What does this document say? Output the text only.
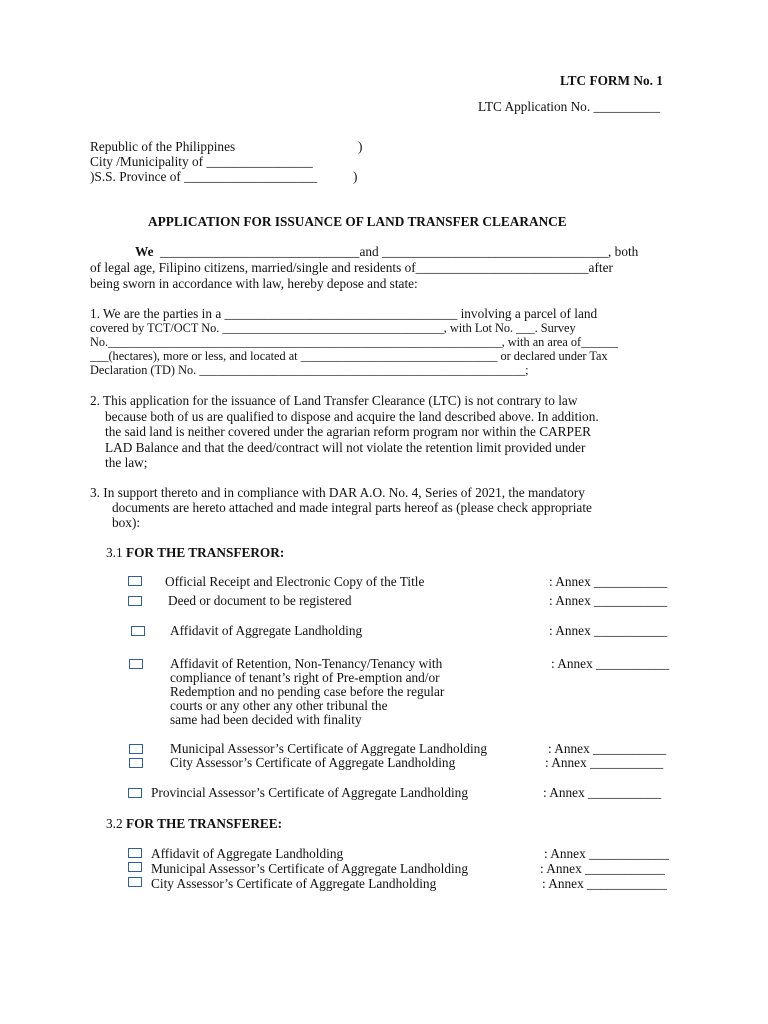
LTC FORM No. 1
LTC Application No. __________
Republic of the Philippines	)
City /Municipality of ________________
)S.S. Province of ____________________	)
APPLICATION FOR ISSUANCE OF LAND TRANSFER CLEARANCE
We ______________________________and __________________________________, both
of legal age, Filipino citizens, married/single and residents of__________________________after
being sworn in accordance with law, hereby depose and state:
1. We are the parties in a ___________________________________ involving a parcel of land
covered by TCT/OCT No. ____________________________________, with Lot No. ___. Survey
No.________________________________________________________________, with an area of______
___(hectares), more or less, and located at ________________________________ or declared under Tax
Declaration (TD) No. _____________________________________________________;
2. This application for the issuance of Land Transfer Clearance (LTC) is not contrary to law
because both of us are qualified to dispose and acquire the land described above. In addition.
the said land is neither covered under the agrarian reform program nor within the CARPER
LAD Balance and that the deed/contract will not violate the retention limit provided under
the law;
3. In support thereto and in compliance with DAR A.O. No. 4, Series of 2021, the mandatory
documents are hereto attached and made integral parts hereof as (please check appropriate
box):
3.1 FOR THE TRANSFEROR:
Official Receipt and Electronic Copy of the Title	: Annex ___________
Deed or document to be registered	: Annex ___________
Affidavit of Aggregate Landholding	: Annex ___________
Affidavit of Retention, Non-Tenancy/Tenancy with	: Annex ___________
compliance of tenant’s right of Pre-emption and/or
Redemption and no pending case before the regular
courts or any other any other tribunal the
same had been decided with finality
Municipal Assessor’s Certificate of Aggregate Landholding	: Annex ___________
City Assessor’s Certificate of Aggregate Landholding	: Annex ___________
Provincial Assessor’s Certificate of Aggregate Landholding	: Annex ___________
3.2 FOR THE TRANSFEREE:
Affidavit of Aggregate Landholding	: Annex ____________
Municipal Assessor’s Certificate of Aggregate Landholding	: Annex ____________
City Assessor’s Certificate of Aggregate Landholding	: Annex ____________
